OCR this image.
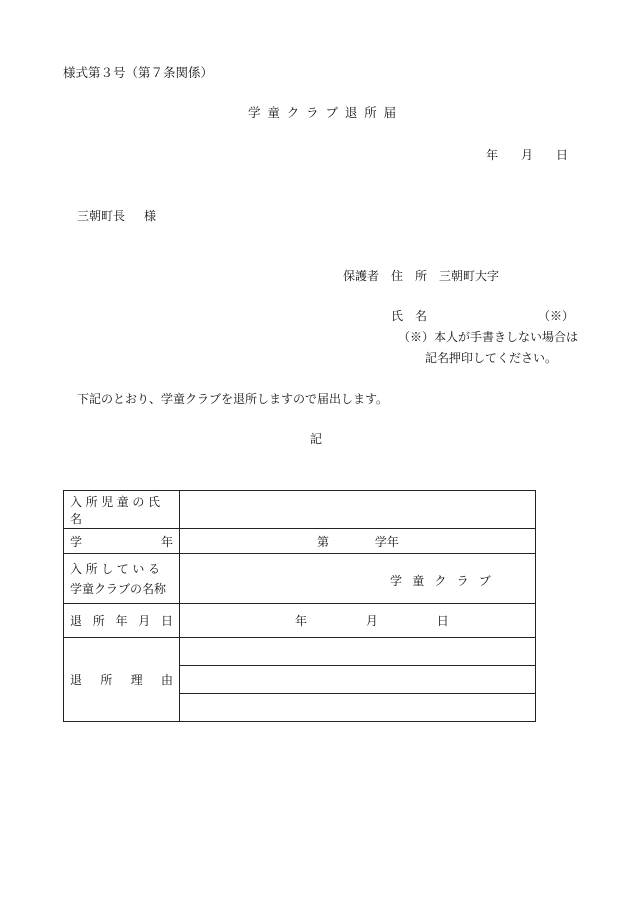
様式第３号（第７条関係）
学童クラブ退所届
年 月 日
三朝町長 様
保護者 住　所 三朝町大字
氏　名	（※）
（※）本人が手書きしない場合は
記名押印してください。
下記のとおり、学童クラブを退所しますので届出します。
記
入所児童の氏名	

学 年	第 学年

入所している
学童クラブの名称	学童クラブ

退 所 年 月 日	年 月 日

退 所 理 由	
